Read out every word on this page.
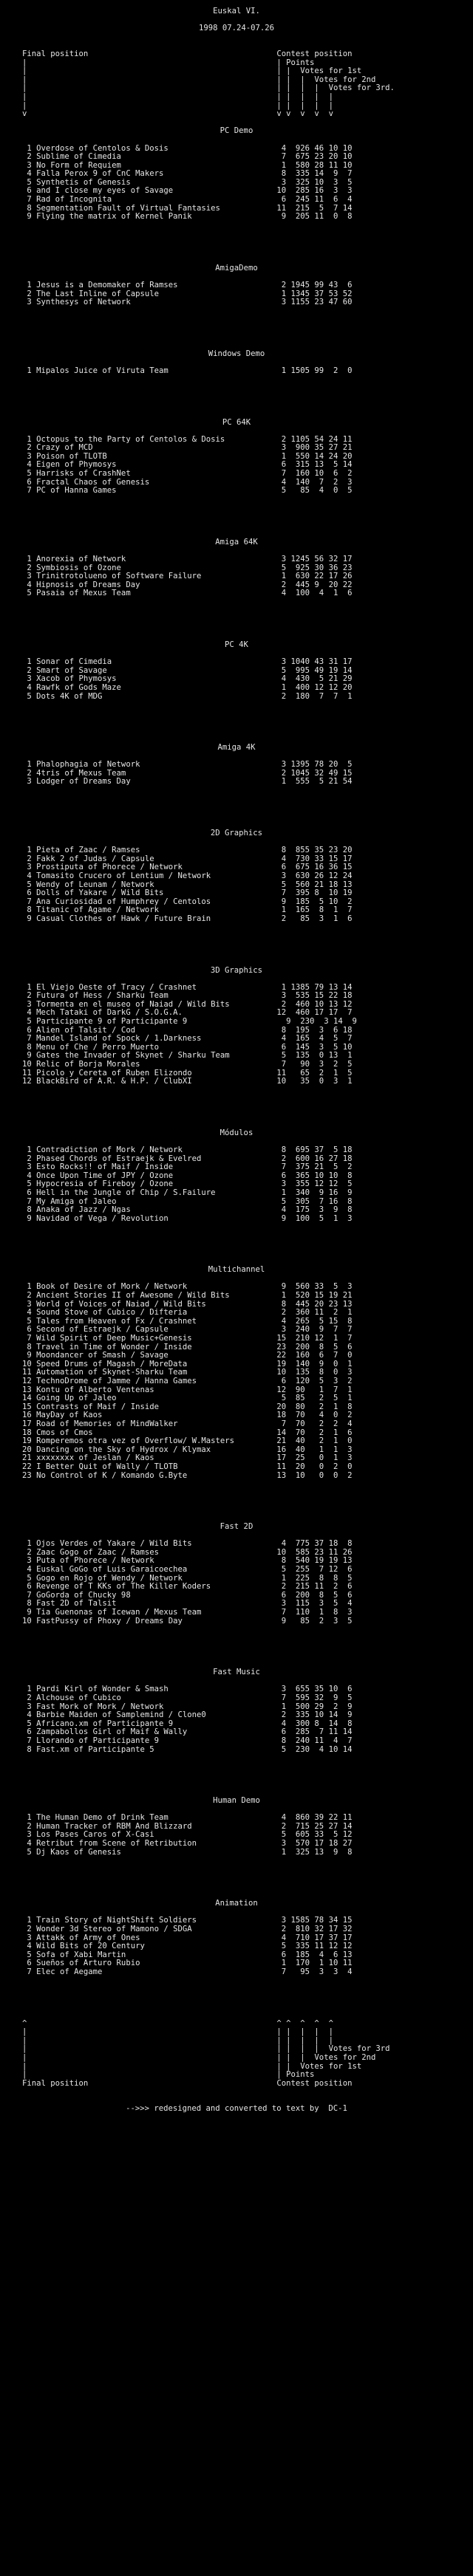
Euskal VI.
1998 07.24-07.26
Final position                                        Contest position
|                                                     | Points
|                                                     | |  Votes for 1st
|                                                     | |  |  Votes for 2nd
|                                                     | |  |  |  Votes for 3rd.
|                                                     | |  |  |  |
|                                                     | |  |  |  |
v                                                     v v  v  v  v
PC Demo
1 Overdose of Centolos & Dosis                        4  926 46 10 10
2 Sublime of Cimedia                                  7  675 23 20 10
3 No Form of Requiem                                  1  580 28 11 10
4 Falla Perox 9 of CnC Makers                         8  335 14  9  7
5 Synthetis of Genesis                                3  325 10  3  5
6 and I close my eyes of Savage                      10  285 16  3  3
7 Rad of Incognita                                    6  245 11  6  4
8 Segmentation Fault of Virtual Fantasies            11  215  5  7 14
9 Flying the matrix of Kernel Panik                   9  205 11  0  8
AmigaDemo
1 Jesus is a Demomaker of Ramses                      2 1945 99 43  6
2 The Last Inline of Capsule                          1 1345 37 53 52
3 Synthesys of Network                                3 1155 23 47 60
Windows Demo
1 Mipalos Juice of Viruta Team                        1 1505 99  2  0
PC 64K
1 Octopus to the Party of Centolos & Dosis            2 1105 54 24 11
2 Crazy of MCD                                        3  900 35 27 21
3 Poison of TLOTB                                     1  550 14 24 20
4 Eigen of Phymosys                                   6  315 13  5 14
5 Harrisks of CrashNet                                7  160 10  6  2
6 Fractal Chaos of Genesis                            4  140  7  2  3
7 PC of Hanna Games                                   5   85  4  0  5
Amiga 64K
1 Anorexia of Network                                 3 1245 56 32 17
2 Symbiosis of Ozone                                  5  925 30 36 23
3 Trinitrotolueno of Software Failure                 1  630 22 17 26
4 Hipnosis of Dreams Day                              2  445 9  20 22
5 Pasaia of Mexus Team                                4  100  4  1  6
PC 4K
1 Sonar of Cimedia                                    3 1040 43 31 17
2 Smart of Savage                                     5  995 49 19 14
3 Xacob of Phymosys                                   4  430  5 21 29
4 Rawfk of Gods Maze                                  1  400 12 12 20
5 Dots 4K of MDG                                      2  180  7  7  1
Amiga 4K
1 Phalophagia of Network                              3 1395 78 20  5
2 4tris of Mexus Team                                 2 1045 32 49 15
3 Lodger of Dreams Day                                1  555  5 21 54
2D Graphics
1 Pieta of Zaac / Ramses                              8  855 35 23 20
2 Fakk 2 of Judas / Capsule                           4  730 33 15 17
3 Prostiputa of Phorece / Network                     6  675 16 36 15
4 Tomasito Crucero of Lentium / Network               3  630 26 12 24
5 Wendy of Leunam / Network                           5  560 21 18 13
6 Dolls of Yakare / Wild Bits                         7  395 8  10 19
7 Ana Curiosidad of Humphrey / Centolos               9  185  5 10  2
8 Titanic of Agame / Network                          1  165  8  1  7
9 Casual Clothes of Hawk / Future Brain               2   85  3  1  6
3D Graphics
1 El Viejo Oeste of Tracy / Crashnet                  1 1385 79 13 14
2 Futura of Hess / Sharku Team                        3  535 15 22 18
3 Tormenta en el museo of Naiad / Wild Bits           2  460 10 13 12
4 Mech Tataki of DarkG / S.O.G.A.                    12  460 17 17  7
5 Participante 9 of Participante 9                     9  230  3 14  9
6 Alien of Talsit / Cod                               8  195  3  6 18
7 Mandel Island of Spock / 1.Darkness                 4  165  4  5  7
8 Menu of Che / Perro Muerto                          6  145  3  5 10
9 Gates the Invader of Skynet / Sharku Team           5  135  0 13  1
10 Relic of Borja Morales                              7   90  3  2  5
11 Picolo y Cereta of Ruben Elizondo                  11   65  2  1  5
12 BlackBird of A.R. & H.P. / ClubXI                  10   35  0  3  1
Módulos
1 Contradiction of Mork / Network                     8  695 37  5 18
2 Phased Chords of Estraejk & Evelred                 2  600 16 27 18
3 Esto Rocks!! of Maif / Inside                       7  375 21  5  2
4 Once Upon Time of JPY / Ozone                       6  365 10 10  8
5 Hypocresia of Fireboy / Ozone                       3  355 12 12  5
6 Hell in the Jungle of Chip / S.Failure              1  340  9 16  9
7 My Amiga of Jaleo                                   5  305  7 16  8
8 Anaka of Jazz / Ngas                                4  175  3  9  8
9 Navidad of Vega / Revolution                        9  100  5  1  3
Multichannel
1 Book of Desire of Mork / Network                    9  560 33  5  3
2 Ancient Stories II of Awesome / Wild Bits           1  520 15 19 21
3 World of Voices of Naiad / Wild Bits                8  445 20 23 13
4 Sound Stove of Cubico / Difteria                    2  360 11  2  1
5 Tales from Heaven of Fx / Crashnet                  4  265  5 15  8
6 Second of Estraejk / Capsule                        3  240  9  7  7
7 Wild Spirit of Deep Music+Genesis                  15  210 12  1  7
8 Travel in Time of Wonder / Inside                  23  200  8  5  6
9 Moondancer of Smash / Savage                       22  160  6  7  0
10 Speed Drums of Magash / MoreData                   19  140  9  0  1
11 Automation of Skynet-Sharku Team                   10  135  8  0  3
12 TechnoDrome of Jamme / Hanna Games                  6  120  5  3  2
13 Kontu of Alberto Ventenas                          12  90   1  7  1
14 Going Up of Jaleo                                   5  85   2  5  1
15 Contrasts of Maif / Inside                         20  80   2  1  8
16 MayDay of Kaos                                     18  70   4  0  2
17 Road of Memories of MindWalker                      7  70   2  2  4
18 Cmos of Cmos                                       14  70   2  1  6
19 Romperemos otra vez of Overflow/ W.Masters         21  40   2  1  0
20 Dancing on the Sky of Hydrox / Klymax              16  40   1  1  3
21 xxxxxxxx of Jeslan / Kaos                          17  25   0  1  3
22 I Better Quit of Wally / TLOTB                     11  20   0  2  0
23 No Control of K / Komando G.Byte                   13  10   0  0  2
Fast 2D
1 Ojos Verdes of Yakare / Wild Bits                   4  775 37 18  8
2 Zaac Gogo of Zaac / Ramses                         10  585 23 11 26
3 Puta of Phorece / Network                           8  540 19 19 13
4 Euskal GoGo of Luis Garaicoechea                    5  255  7 12  6
5 Gogo en Rojo of Wendy / Network                     1  225  8  8  5
6 Revenge of T KKs of The Killer Koders               2  215 11  2  6
7 GoGorda of Chucky 98                                6  200  8  5  6
8 Fast 2D of Talsit                                   3  115  3  5  4
9 Tia Guenonas of Icewan / Mexus Team                 7  110  1  8  3
10 FastPussy of Phoxy / Dreams Day                     9   85  2  3  5
Fast Music
1 Pardi Kirl of Wonder & Smash                        3  655 35 10  6
2 Alchouse of Cubico                                  7  595 32  9  5
3 Fast Mork of Mork / Network                         1  500 29  2  9
4 Barbie Maiden of Samplemind / Clone0                2  335 10 14  9
5 Africano.xm of Participante 9                       4  300 8  14  8
6 Zampabollos Girl of Maif & Wally                    6  285  7 11 14
7 Llorando of Participante 9                          8  240 11  4  7
8 Fast.xm of Participante 5                           5  230  4 10 14
Human Demo
1 The Human Demo of Drink Team                        4  860 39 22 11
2 Human Tracker of RBM And Blizzard                   2  715 25 27 14
3 Los Pases Caros of X-Casi                           5  605 33  5 12
4 Retribut from Scene of Retribution                  3  570 17 18 27
5 Dj Kaos of Genesis                                  1  325 13  9  8
Animation
1 Train Story of NightShift Soldiers                  3 1585 78 34 15
2 Wonder 3d Stereo of Mamono / SDGA                   2  810 32 17 32
3 Attakk of Army of Ones                              4  710 17 37 17
4 Wild Bits of 20 Century                             5  335 11 12 12
5 Sofa of Xabi Martin                                 6  185  4  6 13
6 Sueños of Arturo Rubio                              1  170  1 10 11
7 Elec of Aegame                                      7   95  3  3  4
^                                                     ^ ^  ^  ^  ^
|                                                     | |  |  |  |
|                                                     | |  |  |  |
|                                                     | |  |  |  Votes for 3rd
|                                                     | |  |  Votes for 2nd
|                                                     | |  Votes for 1st
|                                                     | Points
Final position                                        Contest position
-->>> redesigned and converted to text by  DC-1
